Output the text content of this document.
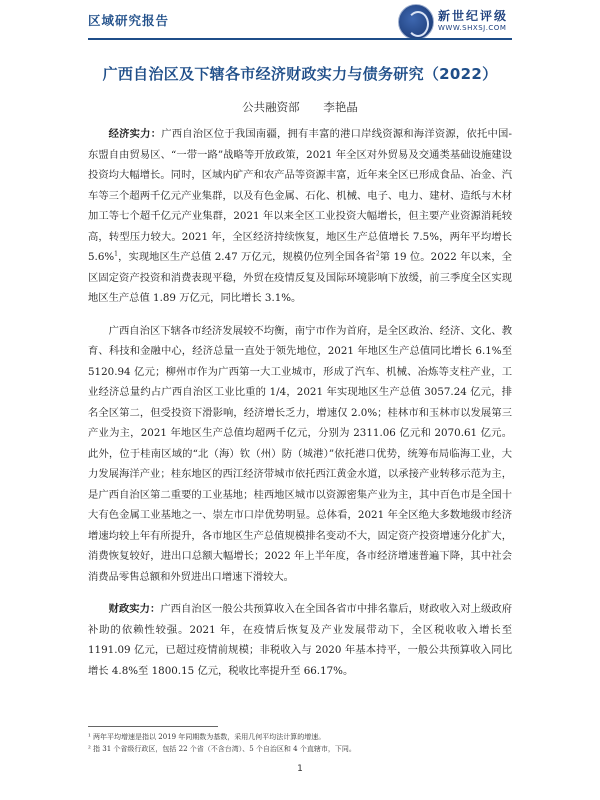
区域研究报告	新世纪评级
WWW.SHXSJ.COM
广西自治区及下辖各市经济财政实力与债务研究（2022）
公共融资部 李艳晶

经济实力：广西自治区位于我国南疆，拥有丰富的港口岸线资源和海洋资源，依托中国-东盟自由贸易区、“一带一路”战略等开放政策，2021 年全区对外贸易及交通类基础设施建设投资均大幅增长。同时，区域内矿产和农产品等资源丰富，近年来全区已形成食品、冶金、汽车等三个超两千亿元产业集群，以及有色金属、石化、机械、电子、电力、建材、造纸与木材加工等七个超千亿元产业集群，2021 年以来全区工业投资大幅增长，但主要产业资源消耗较高，转型压力较大。2021 年，全区经济持续恢复，地区生产总值增长 7.5%，两年平均增长 5.6%$^1$，实现地区生产总值 2.47 万亿元，规模仍位列全国各省$^2$第 19 位。2022 年以来，全区固定资产投资和消费表现平稳，外贸在疫情反复及国际环境影响下放缓，前三季度全区实现地区生产总值 1.89 万亿元，同比增长 3.1%。

广西自治区下辖各市经济发展较不均衡，南宁市作为首府，是全区政治、经济、文化、教育、科技和金融中心，经济总量一直处于领先地位，2021 年地区生产总值同比增长 6.1%至 5120.94 亿元；柳州市作为广西第一大工业城市，形成了汽车、机械、冶炼等支柱产业，工业经济总量约占广西自治区工业比重的 1/4，2021 年实现地区生产总值 3057.24 亿元，排名全区第二，但受投资下滑影响，经济增长乏力，增速仅 2.0%；桂林市和玉林市以发展第三产业为主，2021 年地区生产总值均超两千亿元，分别为 2311.06 亿元和 2070.61 亿元。此外，位于桂南区域的“北（海）钦（州）防（城港）”依托港口优势，统筹布局临海工业，大力发展海洋产业；桂东地区的西江经济带城市依托西江黄金水道，以承接产业转移示范为主，是广西自治区第二重要的工业基地；桂西地区城市以资源密集产业为主，其中百色市是全国十大有色金属工业基地之一、崇左市口岸优势明显。总体看，2021 年全区绝大多数地级市经济增速均较上年有所提升，各市地区生产总值规模排名变动不大，固定资产投资增速分化扩大，消费恢复较好，进出口总额大幅增长；2022 年上半年度，各市经济增速普遍下降，其中社会消费品零售总额和外贸进出口增速下滑较大。

财政实力：广西自治区一般公共预算收入在全国各省市中排名靠后，财政收入对上级政府补助的依赖性较强。2021 年，在疫情后恢复及产业发展带动下，全区税收收入增长至 1191.09 亿元，已超过疫情前规模；非税收入与 2020 年基本持平，一般公共预算收入同比增长 4.8%至 1800.15 亿元，税收比率提升至 66.17%。

¹ 两年平均增速是指以 2019 年同期数为基数，采用几何平均法计算的增速。
² 指 31 个省级行政区，包括 22 个省（不含台湾）、5 个自治区和 4 个直辖市，下同。
1
